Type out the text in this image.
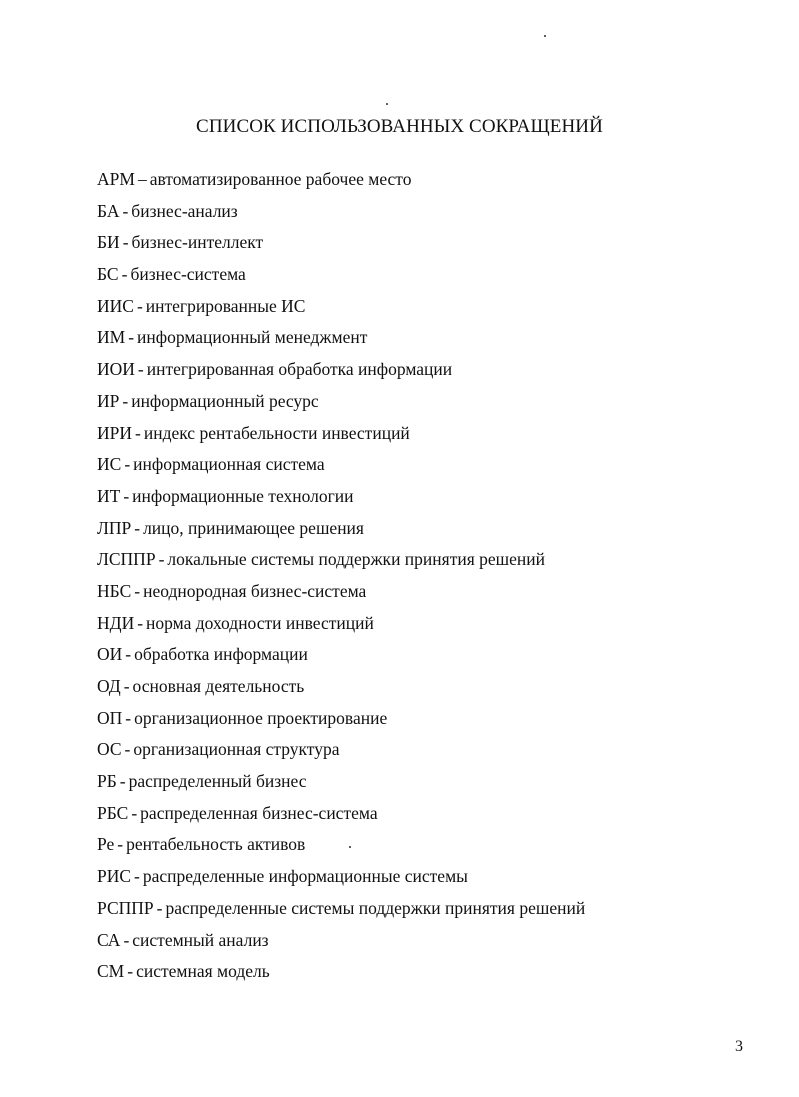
СПИСОК ИСПОЛЬЗОВАННЫХ СОКРАЩЕНИЙ
АРМ – автоматизированное рабочее место
БА - бизнес-анализ
БИ - бизнес-интеллект
БС - бизнес-система
ИИС - интегрированные ИС
ИМ - информационный менеджмент
ИОИ - интегрированная обработка информации
ИР - информационный ресурс
ИРИ - индекс рентабельности инвестиций
ИС - информационная система
ИТ - информационные технологии
ЛПР - лицо, принимающее решения
ЛСППР - локальные системы поддержки принятия решений
НБС - неоднородная бизнес-система
НДИ - норма доходности инвестиций
ОИ - обработка информации
ОД - основная деятельность
ОП - организационное проектирование
ОС - организационная структура
РБ - распределенный бизнес
РБС - распределенная бизнес-система
Ре - рентабельность активов
РИС - распределенные информационные системы
РСППР - распределенные системы поддержки принятия решений
СА - системный анализ
СМ - системная модель
3
